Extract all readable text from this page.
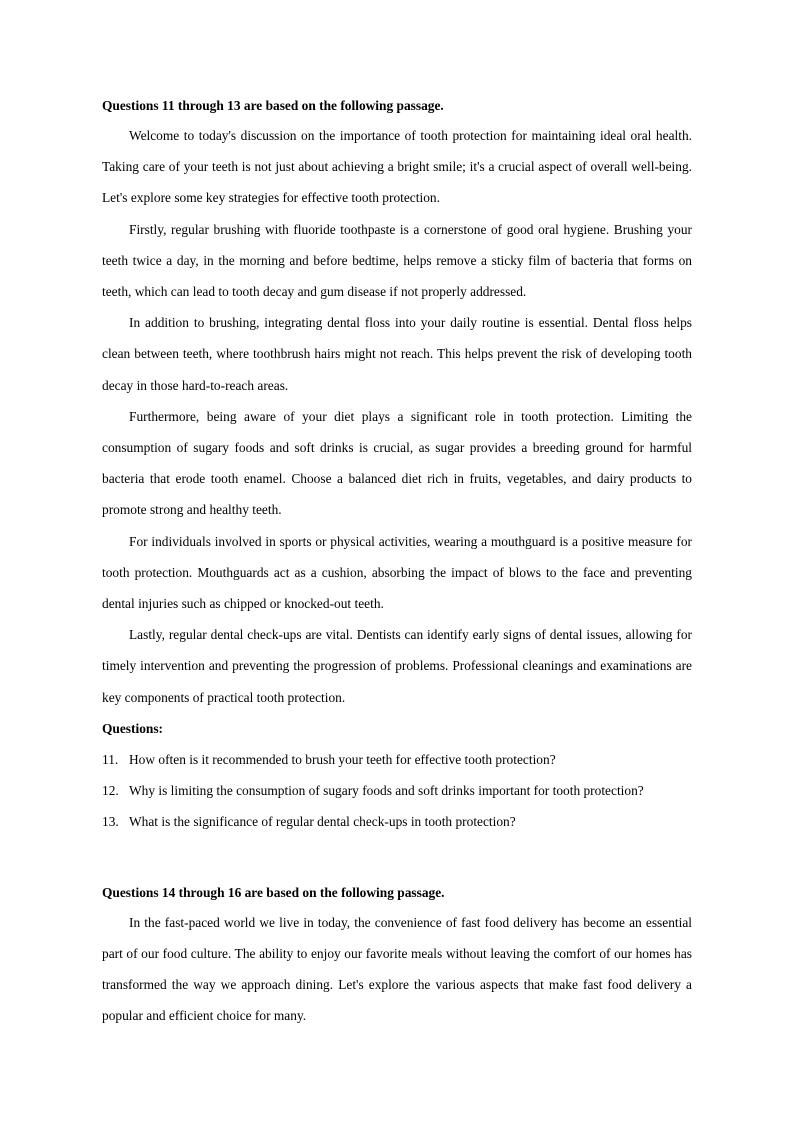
Questions 11 through 13 are based on the following passage.

Welcome to today's discussion on the importance of tooth protection for maintaining ideal oral health. Taking care of your teeth is not just about achieving a bright smile; it's a crucial aspect of overall well-being. Let's explore some key strategies for effective tooth protection.

Firstly, regular brushing with fluoride toothpaste is a cornerstone of good oral hygiene. Brushing your teeth twice a day, in the morning and before bedtime, helps remove a sticky film of bacteria that forms on teeth, which can lead to tooth decay and gum disease if not properly addressed.

In addition to brushing, integrating dental floss into your daily routine is essential. Dental floss helps clean between teeth, where toothbrush hairs might not reach. This helps prevent the risk of developing tooth decay in those hard-to-reach areas.

Furthermore, being aware of your diet plays a significant role in tooth protection. Limiting the consumption of sugary foods and soft drinks is crucial, as sugar provides a breeding ground for harmful bacteria that erode tooth enamel. Choose a balanced diet rich in fruits, vegetables, and dairy products to promote strong and healthy teeth.

For individuals involved in sports or physical activities, wearing a mouthguard is a positive measure for tooth protection. Mouthguards act as a cushion, absorbing the impact of blows to the face and preventing dental injuries such as chipped or knocked-out teeth.

Lastly, regular dental check-ups are vital. Dentists can identify early signs of dental issues, allowing for timely intervention and preventing the progression of problems. Professional cleanings and examinations are key components of practical tooth protection.

Questions:

11. How often is it recommended to brush your teeth for effective tooth protection?
12. Why is limiting the consumption of sugary foods and soft drinks important for tooth protection?
13. What is the significance of regular dental check-ups in tooth protection?

Questions 14 through 16 are based on the following passage.

In the fast-paced world we live in today, the convenience of fast food delivery has become an essential part of our food culture. The ability to enjoy our favorite meals without leaving the comfort of our homes has transformed the way we approach dining. Let's explore the various aspects that make fast food delivery a popular and efficient choice for many.
